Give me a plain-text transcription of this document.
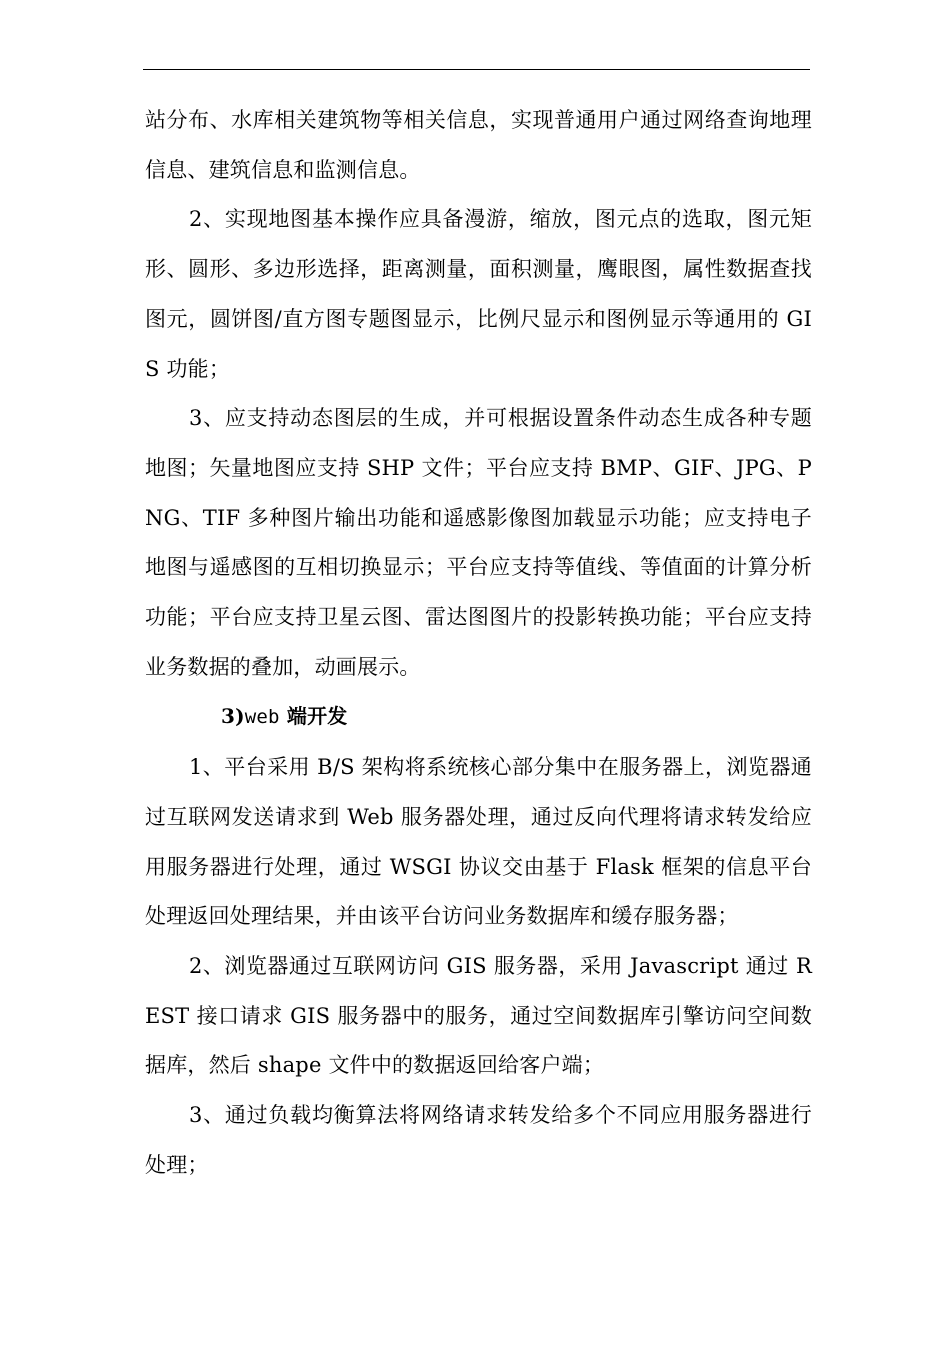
站分布、水库相关建筑物等相关信息，实现普通用户通过网络查询地理信息、建筑信息和监测信息。

2、实现地图基本操作应具备漫游，缩放，图元点的选取，图元矩形、圆形、多边形选择，距离测量，面积测量，鹰眼图，属性数据查找图元，圆饼图/直方图专题图显示，比例尺显示和图例显示等通用的 GIS 功能；

3、应支持动态图层的生成，并可根据设置条件动态生成各种专题地图；矢量地图应支持 SHP 文件；平台应支持 BMP、GIF、JPG、PNG、TIF 多种图片输出功能和遥感影像图加载显示功能；应支持电子地图与遥感图的互相切换显示；平台应支持等值线、等值面的计算分析功能；平台应支持卫星云图、雷达图图片的投影转换功能；平台应支持业务数据的叠加，动画展示。

3)web 端开发

1、平台采用 B/S 架构将系统核心部分集中在服务器上，浏览器通过互联网发送请求到 Web 服务器处理，通过反向代理将请求转发给应用服务器进行处理，通过 WSGI 协议交由基于 Flask 框架的信息平台处理返回处理结果，并由该平台访问业务数据库和缓存服务器；

2、浏览器通过互联网访问 GIS 服务器，采用 Javascript 通过 REST 接口请求 GIS 服务器中的服务，通过空间数据库引擎访问空间数据库，然后 shape 文件中的数据返回给客户端；

3、通过负载均衡算法将网络请求转发给多个不同应用服务器进行处理；
